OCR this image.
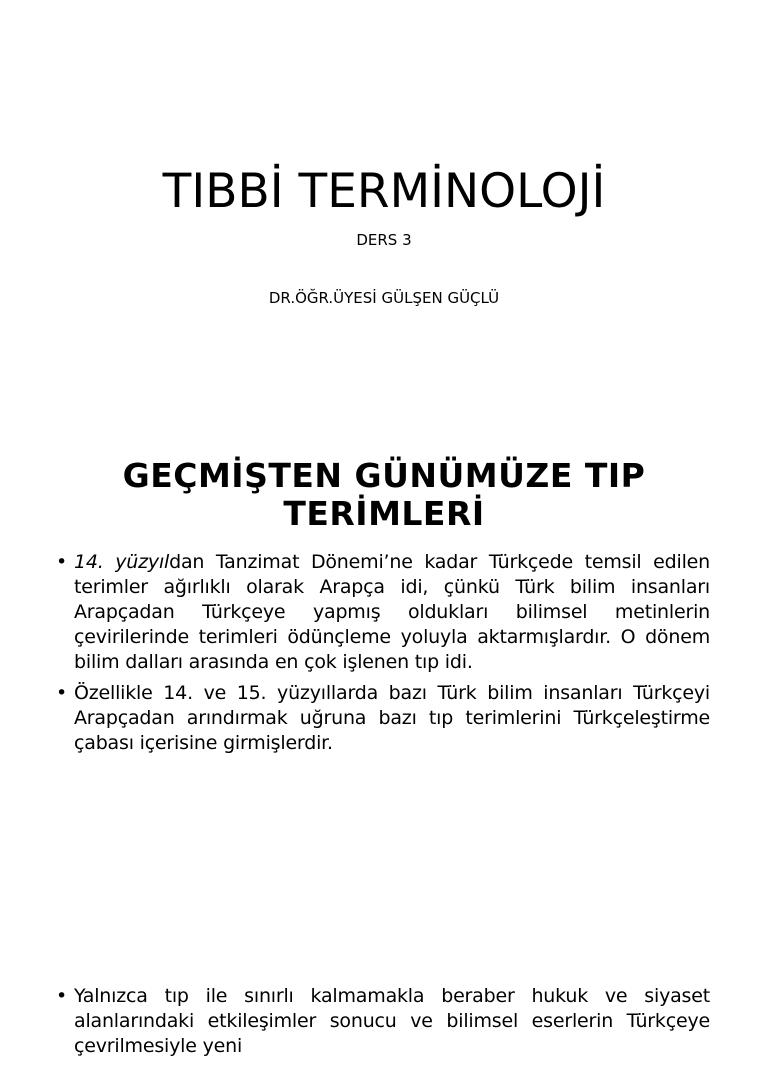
TIBBİ TERMİNOLOJİ

DERS 3

DR.ÖĞR.ÜYESİ GÜLŞEN GÜÇLÜ

GEÇMİŞTEN GÜNÜMÜZE TIP
TERİMLERİ
• 14. yüzyıldan Tanzimat Dönemi’ne kadar Türkçede temsil edilen terimler ağırlıklı olarak Arapça idi, çünkü Türk bilim insanları Arapçadan Türkçeye yapmış oldukları bilimsel metinlerin çevirilerinde terimleri ödünçleme yoluyla aktarmışlardır. O dönem bilim dalları arasında en çok işlenen tıp idi.
• Özellikle 14. ve 15. yüzyıllarda bazı Türk bilim insanları Türkçeyi Arapçadan arındırmak uğruna bazı tıp terimlerini Türkçeleştirme çabası içerisine girmişlerdir.
• Yalnızca tıp ile sınırlı kalmamakla beraber hukuk ve siyaset alanlarındaki etkileşimler sonucu ve bilimsel eserlerin Türkçeye çevrilmesiyle yeni
